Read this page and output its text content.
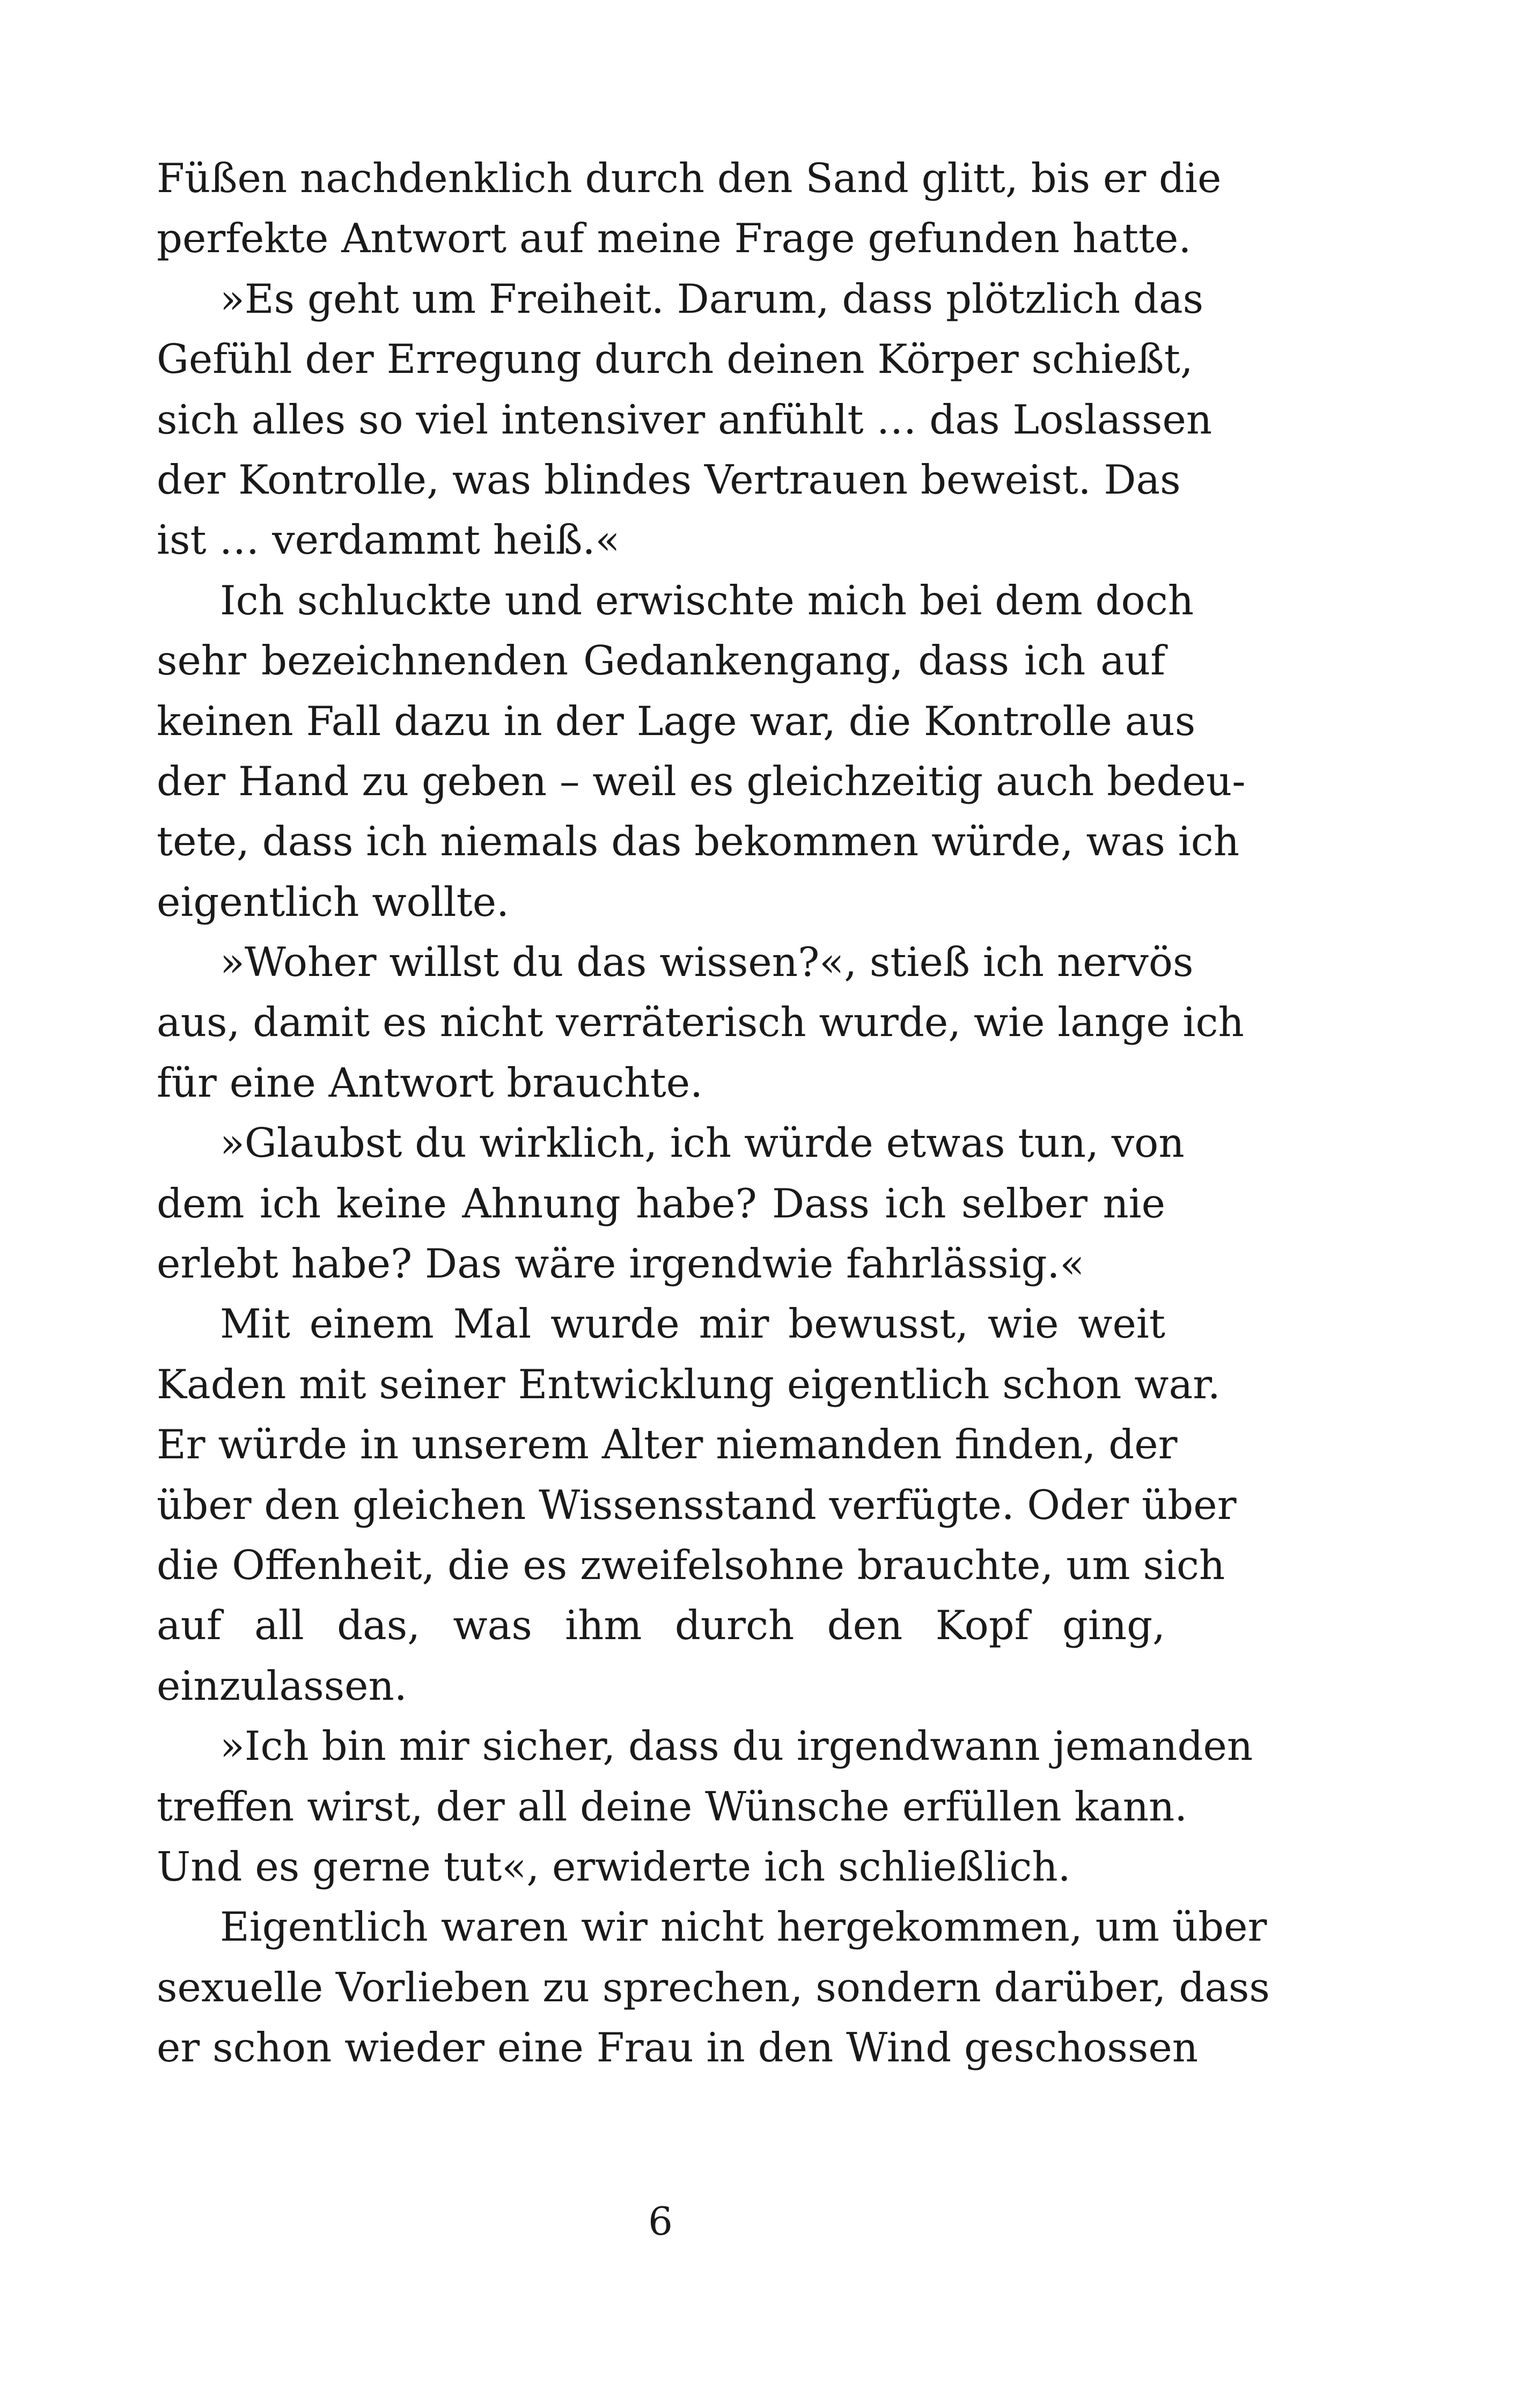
Füßen nachdenklich durch den Sand glitt, bis er die
perfekte Antwort auf meine Frage gefunden hatte.
»Es geht um Freiheit. Darum, dass plötzlich das
Gefühl der Erregung durch deinen Körper schießt,
sich alles so viel intensiver anfühlt … das Loslassen
der Kontrolle, was blindes Vertrauen beweist. Das
ist … verdammt heiß.«
Ich schluckte und erwischte mich bei dem doch
sehr bezeichnenden Gedankengang, dass ich auf
keinen Fall dazu in der Lage war, die Kontrolle aus
der Hand zu geben – weil es gleichzeitig auch bedeu-
tete, dass ich niemals das bekommen würde, was ich
eigentlich wollte.
»Woher willst du das wissen?«, stieß ich nervös
aus, damit es nicht verräterisch wurde, wie lange ich
für eine Antwort brauchte.
»Glaubst du wirklich, ich würde etwas tun, von
dem ich keine Ahnung habe? Dass ich selber nie
erlebt habe? Das wäre irgendwie fahrlässig.«
Mit einem Mal wurde mir bewusst, wie weit
Kaden mit seiner Entwicklung eigentlich schon war.
Er würde in unserem Alter niemanden finden, der
über den gleichen Wissensstand verfügte. Oder über
die Offenheit, die es zweifelsohne brauchte, um sich
auf all das, was ihm durch den Kopf ging,
einzulassen.
»Ich bin mir sicher, dass du irgendwann jemanden
treffen wirst, der all deine Wünsche erfüllen kann.
Und es gerne tut«, erwiderte ich schließlich.
Eigentlich waren wir nicht hergekommen, um über
sexuelle Vorlieben zu sprechen, sondern darüber, dass
er schon wieder eine Frau in den Wind geschossen
6
